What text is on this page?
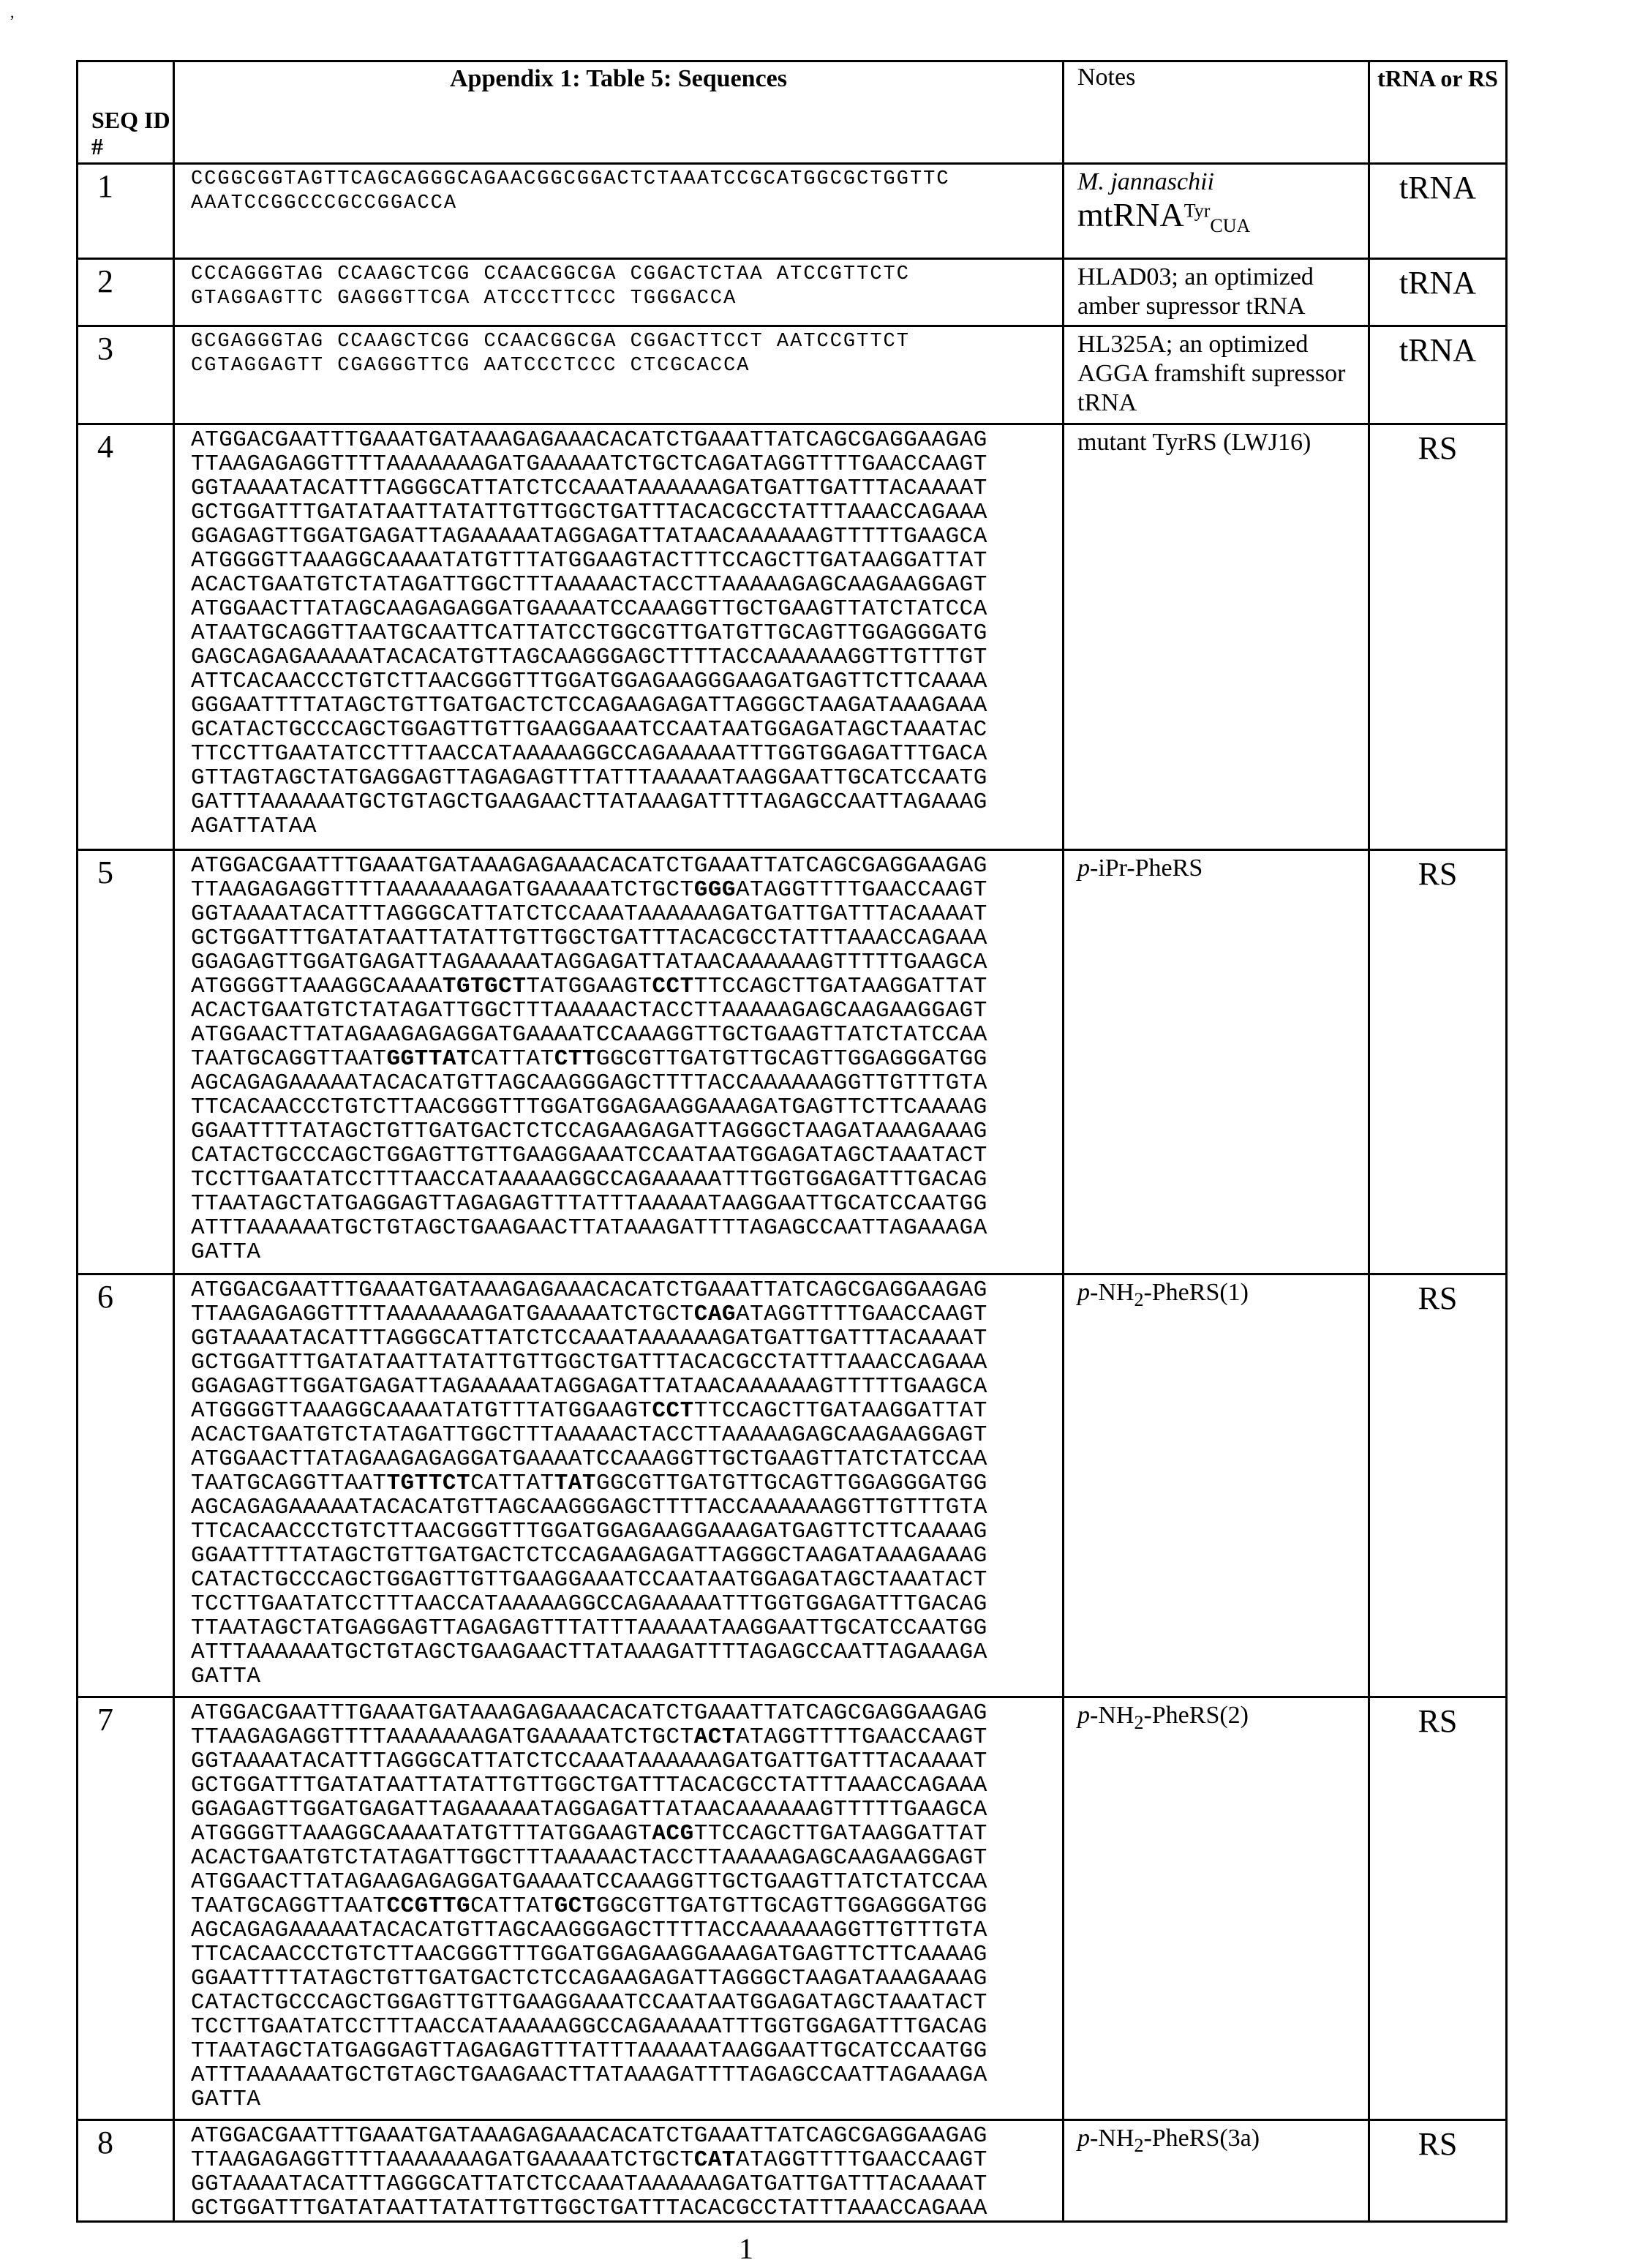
,
SEQ ID #	Appendix 1: Table 5: Sequences	Notes	tRNA or RS
1	CCGGCGGTAGTTCAGCAGGGCAGAACGGCGGACTCTAAATCCGCATGGCGCTGGTTC
AAATCCGGCCCGCCGGACCA
	M. jannaschii
mtRNATyrCUA	tRNA
2	CCCAGGGTAG CCAAGCTCGG CCAACGGCGA CGGACTCTAA ATCCGTTCTC
GTAGGAGTTC GAGGGTTCGA ATCCCTTCCC TGGGACCA
	HLAD03; an optimized amber supressor tRNA	tRNA
3	GCGAGGGTAG CCAAGCTCGG CCAACGGCGA CGGACTTCCT AATCCGTTCT
CGTAGGAGTT CGAGGGTTCG AATCCCTCCC CTCGCACCA
	HL325A; an optimized AGGA framshift supressor tRNA	tRNA
4	ATGGACGAATTTGAAATGATAAAGAGAAACACATCTGAAATTATCAGCGAGGAAGAG
TTAAGAGAGGTTTTAAAAAAAGATGAAAAATCTGCTCAGATAGGTTTTGAACCAAGT
GGTAAAATACATTTAGGGCATTATCTCCAAATAAAAAAGATGATTGATTTACAAAAT
GCTGGATTTGATATAATTATATTGTTGGCTGATTTACACGCCTATTTAAACCAGAAA
GGAGAGTTGGATGAGATTAGAAAAATAGGAGATTATAACAAAAAAGTTTTTGAAGCA
ATGGGGTTAAAGGCAAAATATGTTTATGGAAGTACTTTCCAGCTTGATAAGGATTAT
ACACTGAATGTCTATAGATTGGCTTTAAAAACTACCTTAAAAAGAGCAAGAAGGAGT
ATGGAACTTATAGCAAGAGAGGATGAAAATCCAAAGGTTGCTGAAGTTATCTATCCA
ATAATGCAGGTTAATGCAATTCATTATCCTGGCGTTGATGTTGCAGTTGGAGGGATG
GAGCAGAGAAAAATACACATGTTAGCAAGGGAGCTTTTACCAAAAAAGGTTGTTTGT
ATTCACAACCCTGTCTTAACGGGTTTGGATGGAGAAGGGAAGATGAGTTCTTCAAAA
GGGAATTTTATAGCTGTTGATGACTCTCCAGAAGAGATTAGGGCTAAGATAAAGAAA
GCATACTGCCCAGCTGGAGTTGTTGAAGGAAATCCAATAATGGAGATAGCTAAATAC
TTCCTTGAATATCCTTTAACCATAAAAAGGCCAGAAAAATTTGGTGGAGATTTGACA
GTTAGTAGCTATGAGGAGTTAGAGAGTTTATTTAAAAATAAGGAATTGCATCCAATG
GATTTAAAAAATGCTGTAGCTGAAGAACTTATAAAGATTTTAGAGCCAATTAGAAAG
AGATTATAA
	mutant TyrRS (LWJ16)	RS
5	ATGGACGAATTTGAAATGATAAAGAGAAACACATCTGAAATTATCAGCGAGGAAGAG
TTAAGAGAGGTTTTAAAAAAAGATGAAAAATCTGCTGGGATAGGTTTTGAACCAAGT
GGTAAAATACATTTAGGGCATTATCTCCAAATAAAAAAGATGATTGATTTACAAAAT
GCTGGATTTGATATAATTATATTGTTGGCTGATTTACACGCCTATTTAAACCAGAAA
GGAGAGTTGGATGAGATTAGAAAAATAGGAGATTATAACAAAAAAGTTTTTGAAGCA
ATGGGGTTAAAGGCAAAATGTGCTTATGGAAGTCCTTTCCAGCTTGATAAGGATTAT
ACACTGAATGTCTATAGATTGGCTTTAAAAACTACCTTAAAAAGAGCAAGAAGGAGT
ATGGAACTTATAGAAGAGAGGATGAAAATCCAAAGGTTGCTGAAGTTATCTATCCAA
TAATGCAGGTTAATGGTTATCATTATCTTGGCGTTGATGTTGCAGTTGGAGGGATGG
AGCAGAGAAAAATACACATGTTAGCAAGGGAGCTTTTACCAAAAAAGGTTGTTTGTA
TTCACAACCCTGTCTTAACGGGTTTGGATGGAGAAGGAAAGATGAGTTCTTCAAAAG
GGAATTTTATAGCTGTTGATGACTCTCCAGAAGAGATTAGGGCTAAGATAAAGAAAG
CATACTGCCCAGCTGGAGTTGTTGAAGGAAATCCAATAATGGAGATAGCTAAATACT
TCCTTGAATATCCTTTAACCATAAAAAGGCCAGAAAAATTTGGTGGAGATTTGACAG
TTAATAGCTATGAGGAGTTAGAGAGTTTATTTAAAAATAAGGAATTGCATCCAATGG
ATTTAAAAAATGCTGTAGCTGAAGAACTTATAAAGATTTTAGAGCCAATTAGAAAGA
GATTA
	p-iPr-PheRS	RS
6	ATGGACGAATTTGAAATGATAAAGAGAAACACATCTGAAATTATCAGCGAGGAAGAG
TTAAGAGAGGTTTTAAAAAAAGATGAAAAATCTGCTCAGATAGGTTTTGAACCAAGT
GGTAAAATACATTTAGGGCATTATCTCCAAATAAAAAAGATGATTGATTTACAAAAT
GCTGGATTTGATATAATTATATTGTTGGCTGATTTACACGCCTATTTAAACCAGAAA
GGAGAGTTGGATGAGATTAGAAAAATAGGAGATTATAACAAAAAAGTTTTTGAAGCA
ATGGGGTTAAAGGCAAAATATGTTTATGGAAGTCCTTTCCAGCTTGATAAGGATTAT
ACACTGAATGTCTATAGATTGGCTTTAAAAACTACCTTAAAAAGAGCAAGAAGGAGT
ATGGAACTTATAGAAGAGAGGATGAAAATCCAAAGGTTGCTGAAGTTATCTATCCAA
TAATGCAGGTTAATTGTTCTCATTATTATGGCGTTGATGTTGCAGTTGGAGGGATGG
AGCAGAGAAAAATACACATGTTAGCAAGGGAGCTTTTACCAAAAAAGGTTGTTTGTA
TTCACAACCCTGTCTTAACGGGTTTGGATGGAGAAGGAAAGATGAGTTCTTCAAAAG
GGAATTTTATAGCTGTTGATGACTCTCCAGAAGAGATTAGGGCTAAGATAAAGAAAG
CATACTGCCCAGCTGGAGTTGTTGAAGGAAATCCAATAATGGAGATAGCTAAATACT
TCCTTGAATATCCTTTAACCATAAAAAGGCCAGAAAAATTTGGTGGAGATTTGACAG
TTAATAGCTATGAGGAGTTAGAGAGTTTATTTAAAAATAAGGAATTGCATCCAATGG
ATTTAAAAAATGCTGTAGCTGAAGAACTTATAAAGATTTTAGAGCCAATTAGAAAGA
GATTA
	p-NH2-PheRS(1)	RS
7	ATGGACGAATTTGAAATGATAAAGAGAAACACATCTGAAATTATCAGCGAGGAAGAG
TTAAGAGAGGTTTTAAAAAAAGATGAAAAATCTGCTACTATAGGTTTTGAACCAAGT
GGTAAAATACATTTAGGGCATTATCTCCAAATAAAAAAGATGATTGATTTACAAAAT
GCTGGATTTGATATAATTATATTGTTGGCTGATTTACACGCCTATTTAAACCAGAAA
GGAGAGTTGGATGAGATTAGAAAAATAGGAGATTATAACAAAAAAGTTTTTGAAGCA
ATGGGGTTAAAGGCAAAATATGTTTATGGAAGTACGTTCCAGCTTGATAAGGATTAT
ACACTGAATGTCTATAGATTGGCTTTAAAAACTACCTTAAAAAGAGCAAGAAGGAGT
ATGGAACTTATAGAAGAGAGGATGAAAATCCAAAGGTTGCTGAAGTTATCTATCCAA
TAATGCAGGTTAATCCGTTGCATTATGCTGGCGTTGATGTTGCAGTTGGAGGGATGG
AGCAGAGAAAAATACACATGTTAGCAAGGGAGCTTTTACCAAAAAAGGTTGTTTGTA
TTCACAACCCTGTCTTAACGGGTTTGGATGGAGAAGGAAAGATGAGTTCTTCAAAAG
GGAATTTTATAGCTGTTGATGACTCTCCAGAAGAGATTAGGGCTAAGATAAAGAAAG
CATACTGCCCAGCTGGAGTTGTTGAAGGAAATCCAATAATGGAGATAGCTAAATACT
TCCTTGAATATCCTTTAACCATAAAAAGGCCAGAAAAATTTGGTGGAGATTTGACAG
TTAATAGCTATGAGGAGTTAGAGAGTTTATTTAAAAATAAGGAATTGCATCCAATGG
ATTTAAAAAATGCTGTAGCTGAAGAACTTATAAAGATTTTAGAGCCAATTAGAAAGA
GATTA
	p-NH2-PheRS(2)	RS
8	ATGGACGAATTTGAAATGATAAAGAGAAACACATCTGAAATTATCAGCGAGGAAGAG
TTAAGAGAGGTTTTAAAAAAAGATGAAAAATCTGCTCATATAGGTTTTGAACCAAGT
GGTAAAATACATTTAGGGCATTATCTCCAAATAAAAAAGATGATTGATTTACAAAAT
GCTGGATTTGATATAATTATATTGTTGGCTGATTTACACGCCTATTTAAACCAGAAA
	p-NH2-PheRS(3a)	RS
1
